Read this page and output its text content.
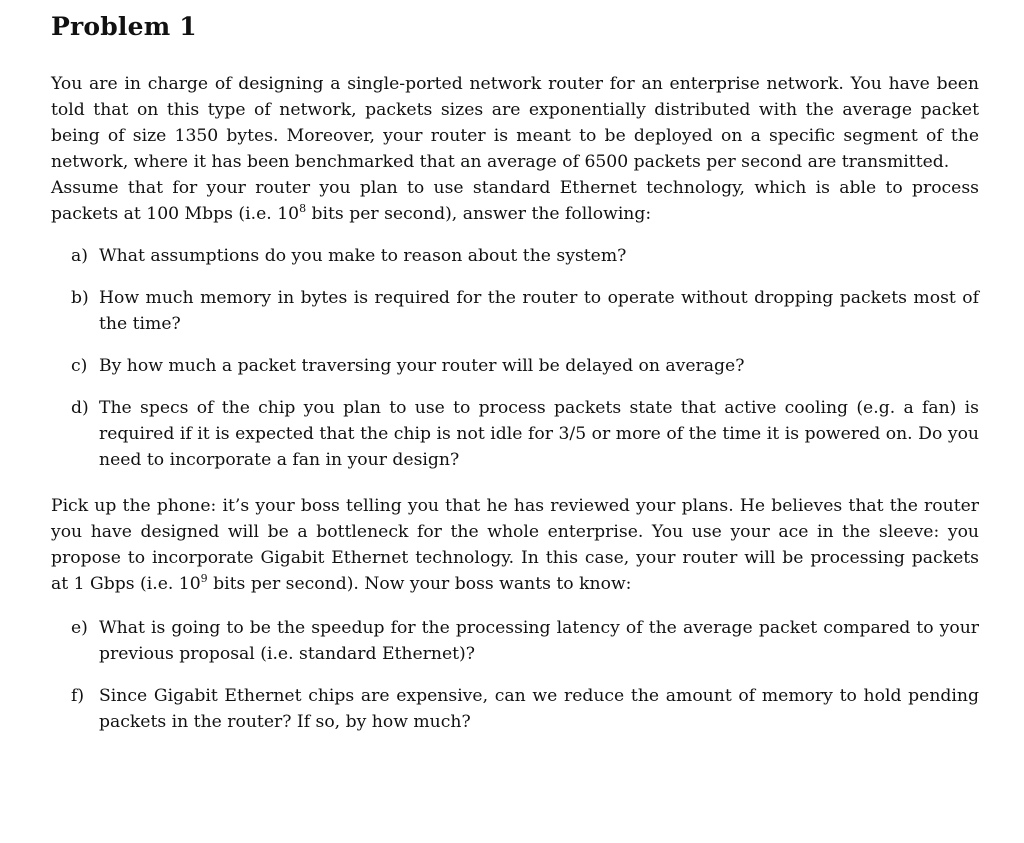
Problem 1

You are in charge of designing a single-ported network router for an enterprise network. You have been told that on this type of network, packets sizes are exponentially distributed with the average packet being of size 1350 bytes. Moreover, your router is meant to be deployed on a specific segment of the network, where it has been benchmarked that an average of 6500 packets per second are transmitted.

Assume that for your router you plan to use standard Ethernet technology, which is able to process packets at 100 Mbps (i.e. $10^8$ bits per second), answer the following:

a) What assumptions do you make to reason about the system?
b) How much memory in bytes is required for the router to operate without dropping packets most of the time?
c) By how much a packet traversing your router will be delayed on average?
d) The specs of the chip you plan to use to process packets state that active cooling (e.g. a fan) is required if it is expected that the chip is not idle for 3/5 or more of the time it is powered on. Do you need to incorporate a fan in your design?

Pick up the phone: it’s your boss telling you that he has reviewed your plans. He believes that the router you have designed will be a bottleneck for the whole enterprise. You use your ace in the sleeve: you propose to incorporate Gigabit Ethernet technology. In this case, your router will be processing packets at 1 Gbps (i.e. $10^9$ bits per second). Now your boss wants to know:

e) What is going to be the speedup for the processing latency of the average packet compared to your previous proposal (i.e. standard Ethernet)?
f) Since Gigabit Ethernet chips are expensive, can we reduce the amount of memory to hold pending packets in the router? If so, by how much?
